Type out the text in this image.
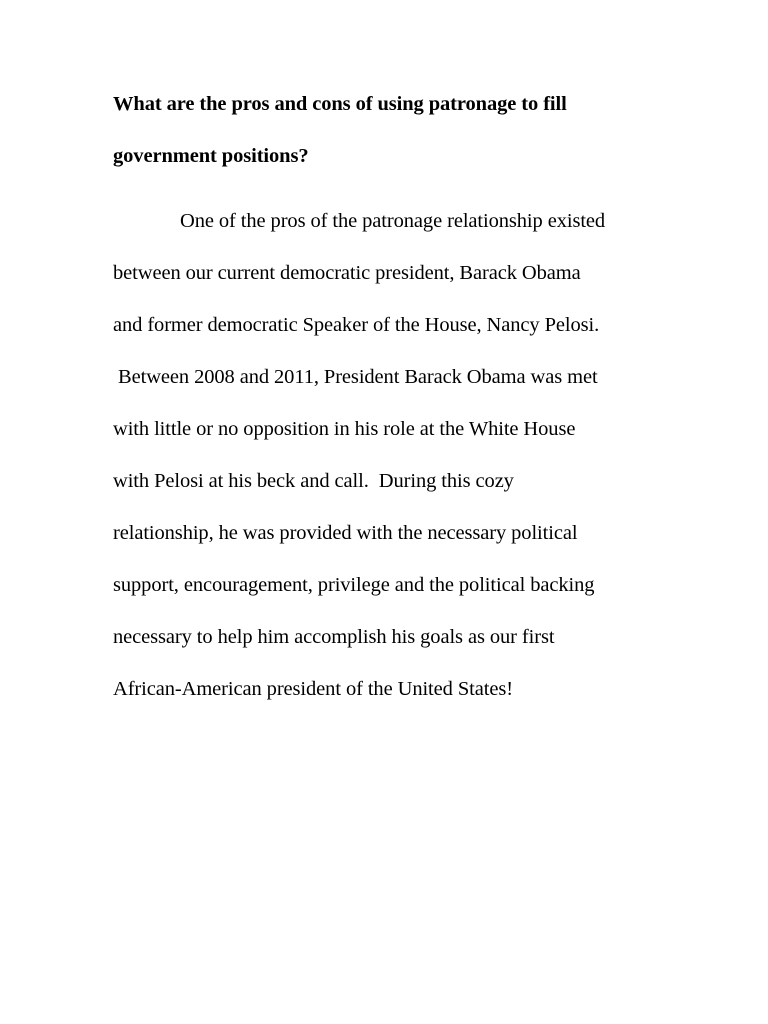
What are the pros and cons of using patronage to fill
government positions?
One of the pros of the patronage relationship existed
between our current democratic president, Barack Obama
and former democratic Speaker of the House, Nancy Pelosi.
Between 2008 and 2011, President Barack Obama was met
with little or no opposition in his role at the White House
with Pelosi at his beck and call.  During this cozy
relationship, he was provided with the necessary political
support, encouragement, privilege and the political backing
necessary to help him accomplish his goals as our first
African-American president of the United States!
